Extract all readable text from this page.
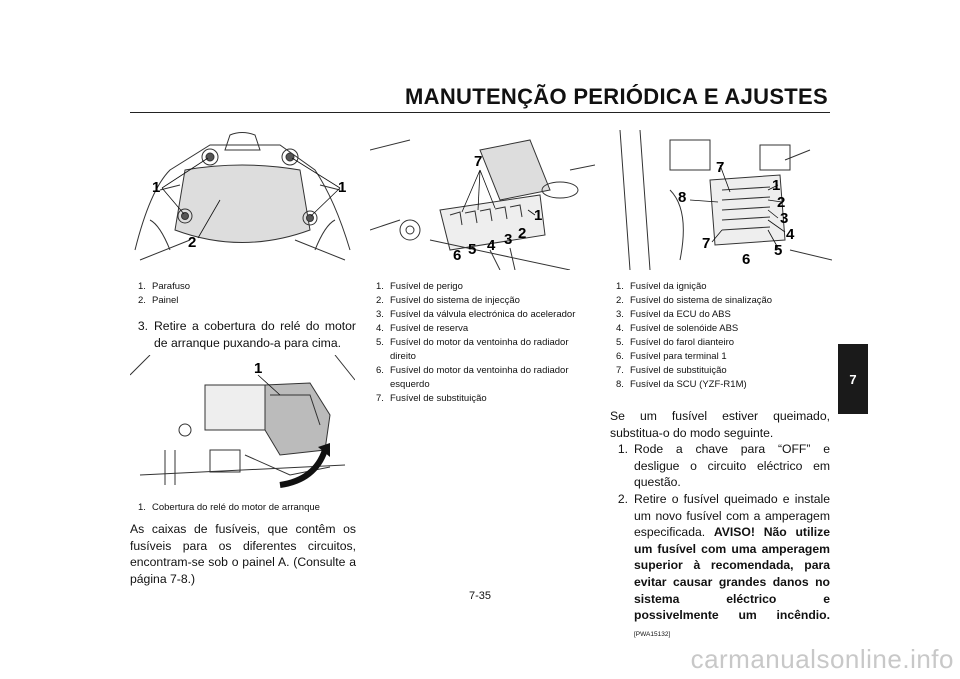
MANUTENÇÃO PERIÓDICA E AJUSTES
7
1	1
2
1. Parafuso
2. Painel
3. Retire a cobertura do relé do motor de arranque puxando-a para cima.
1
1. Cobertura do relé do motor de arranque
As caixas de fusíveis, que contêm os fusíveis para os diferentes circuitos, encontram-se sob o painel A. (Consulte a página 7-8.)
7
1
2
3
4
5
6
1. Fusível de perigo
2. Fusível do sistema de injecção
3. Fusível da válvula electrónica do acelerador
4. Fusível de reserva
5. Fusível do motor da ventoinha do radiador direito
6. Fusível do motor da ventoinha do radiador esquerdo
7. Fusível de substituição
7
1
2
8
3
4
7	5
6
1. Fusível da ignição
2. Fusível do sistema de sinalização
3. Fusível da ECU do ABS
4. Fusível de solenóide ABS
5. Fusível do farol dianteiro
6. Fusível para terminal 1
7. Fusível de substituição
8. Fusível da SCU (YZF-R1M)
Se um fusível estiver queimado, substitua-o do modo seguinte.
1. Rode a chave para “OFF” e desligue o circuito eléctrico em questão.
2. Retire o fusível queimado e instale um novo fusível com a amperagem especificada. AVISO! Não utilize um fusível com uma amperagem superior à recomendada, para evitar causar grandes danos no sistema eléctrico e possivelmente um incêndio.[PWA15132]
7-35
carmanualsonline.info
